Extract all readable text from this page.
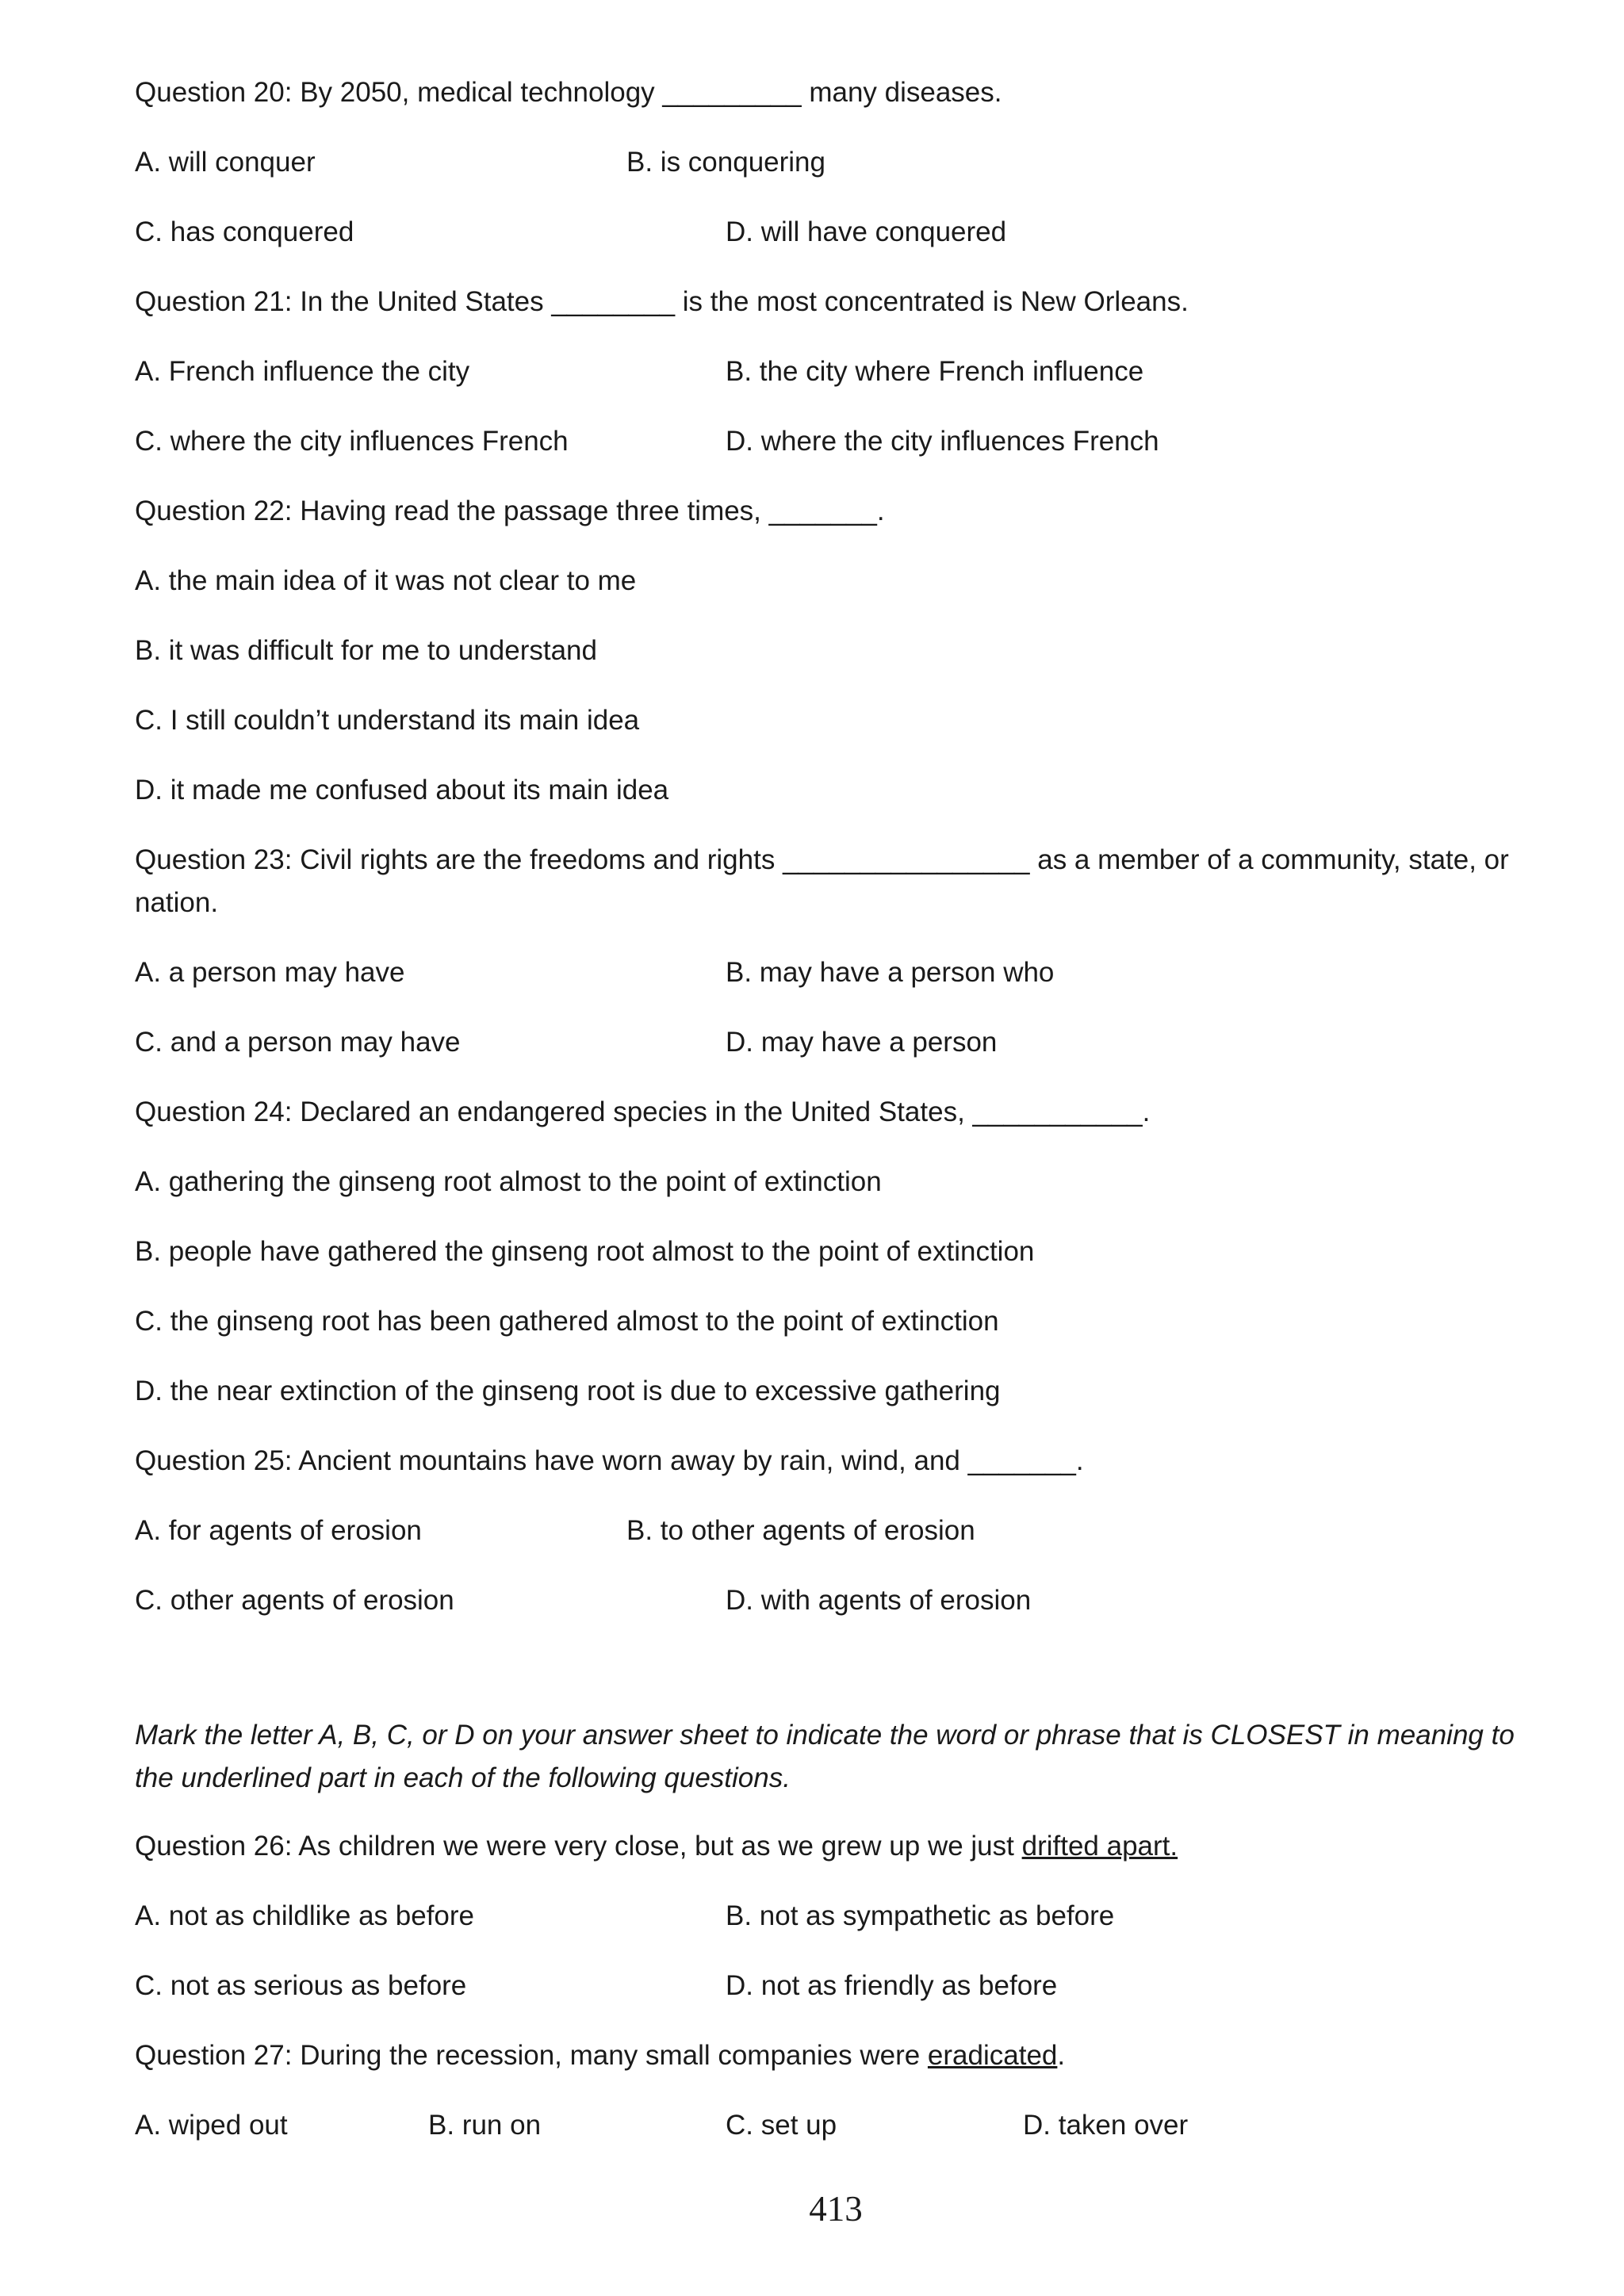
Question 20: By 2050, medical technology _________ many diseases.
A. will conquer	B. is conquering
C. has conquered	D. will have conquered
Question 21: In the United States ________ is the most concentrated is New Orleans.
A. French influence the city	B. the city where French influence
C. where the city influences French	D. where the city influences French
Question 22: Having read the passage three times, _______.
A. the main idea of it was not clear to me
B. it was difficult for me to understand
C. I still couldn’t understand its main idea
D. it made me confused about its main idea
Question 23: Civil rights are the freedoms and rights ________________ as a member of a community, state, or nation.
A. a person may have	B. may have a person who
C. and a person may have	D. may have a person
Question 24: Declared an endangered species in the United States, ___________.
A. gathering the ginseng root almost to the point of extinction
B. people have gathered the ginseng root almost to the point of extinction
C. the ginseng root has been gathered almost to the point of extinction
D. the near extinction of the ginseng root is due to excessive gathering
Question 25: Ancient mountains have worn away by rain, wind, and _______.
A. for agents of erosion	B. to other agents of erosion
C. other agents of erosion	D. with agents of erosion
Mark the letter A, B, C, or D on your answer sheet to indicate the word or phrase that is CLOSEST in meaning to the underlined part in each of the following questions.
Question 26: As children we were very close, but as we grew up we just drifted apart.
A. not as childlike as before	B. not as sympathetic as before
C. not as serious as before	D. not as friendly as before
Question 27: During the recession, many small companies were eradicated.
A. wiped out	B. run on	C. set up	D. taken over
413
